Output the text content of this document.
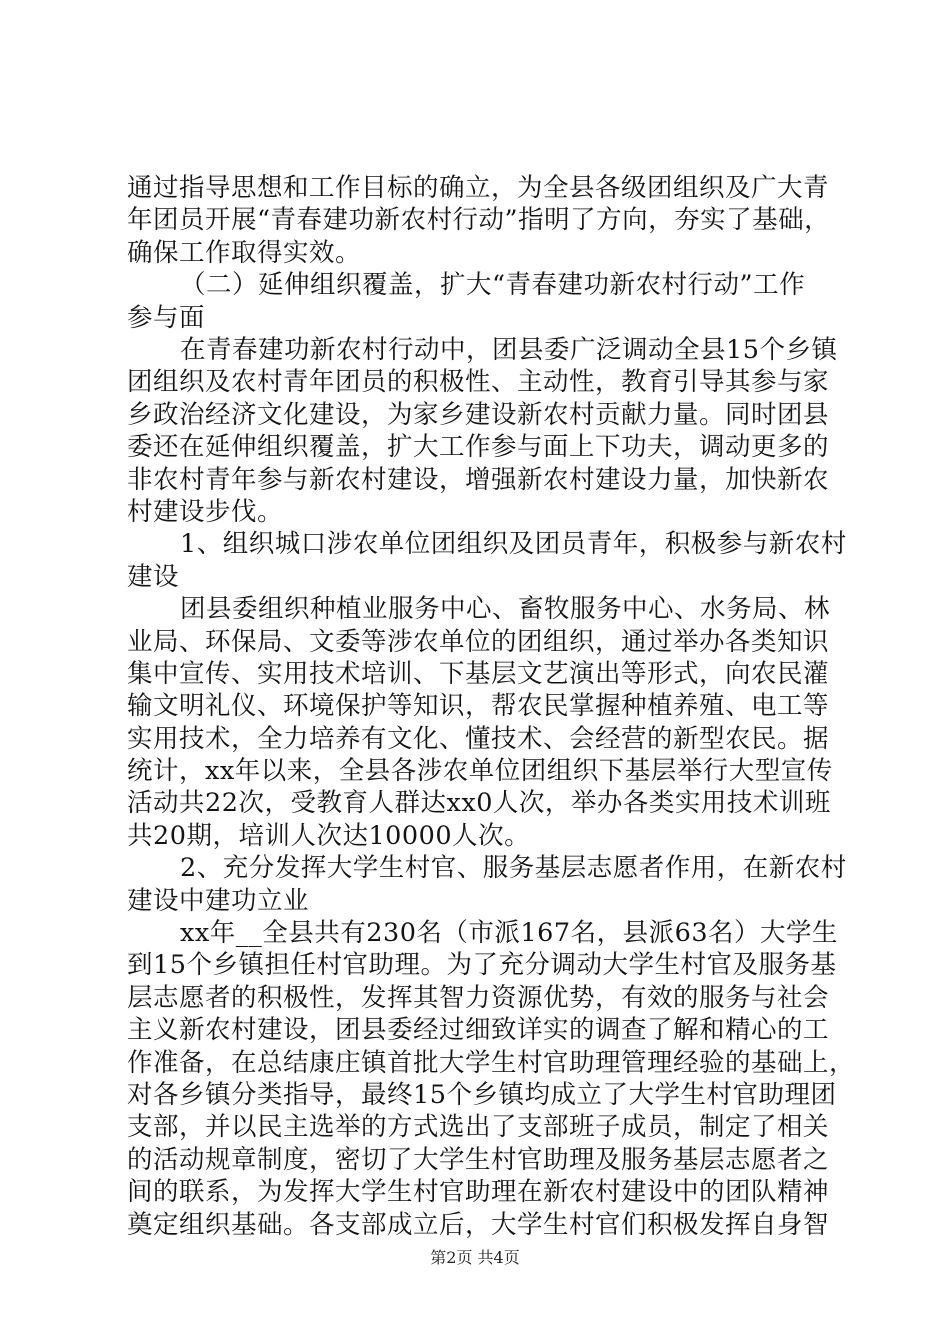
通过指导思想和工作目标的确立，为全县各级团组织及广大青
年团员开展“青春建功新农村行动”指明了方向，夯实了基础，
确保工作取得实效。
（二）延伸组织覆盖，扩大“青春建功新农村行动”工作
参与面
在青春建功新农村行动中，团县委广泛调动全县15个乡镇
团组织及农村青年团员的积极性、主动性，教育引导其参与家
乡政治经济文化建设，为家乡建设新农村贡献力量。同时团县
委还在延伸组织覆盖，扩大工作参与面上下功夫，调动更多的
非农村青年参与新农村建设，增强新农村建设力量，加快新农
村建设步伐。
1、组织城口涉农单位团组织及团员青年，积极参与新农村
建设
团县委组织种植业服务中心、畜牧服务中心、水务局、林
业局、环保局、文委等涉农单位的团组织，通过举办各类知识
集中宣传、实用技术培训、下基层文艺演出等形式，向农民灌
输文明礼仪、环境保护等知识，帮农民掌握种植养殖、电工等
实用技术，全力培养有文化、懂技术、会经营的新型农民。据
统计，xx年以来，全县各涉农单位团组织下基层举行大型宣传
活动共22次，受教育人群达xx0人次，举办各类实用技术训班
共20期，培训人次达10000人次。
2、充分发挥大学生村官、服务基层志愿者作用，在新农村
建设中建功立业
xx年__全县共有230名（市派167名，县派63名）大学生
到15个乡镇担任村官助理。为了充分调动大学生村官及服务基
层志愿者的积极性，发挥其智力资源优势，有效的服务与社会
主义新农村建设，团县委经过细致详实的调查了解和精心的工
作准备，在总结康庄镇首批大学生村官助理管理经验的基础上，
对各乡镇分类指导，最终15个乡镇均成立了大学生村官助理团
支部，并以民主选举的方式选出了支部班子成员，制定了相关
的活动规章制度，密切了大学生村官助理及服务基层志愿者之
间的联系，为发挥大学生村官助理在新农村建设中的团队精神
奠定组织基础。各支部成立后，大学生村官们积极发挥自身智
第2页 共4页
